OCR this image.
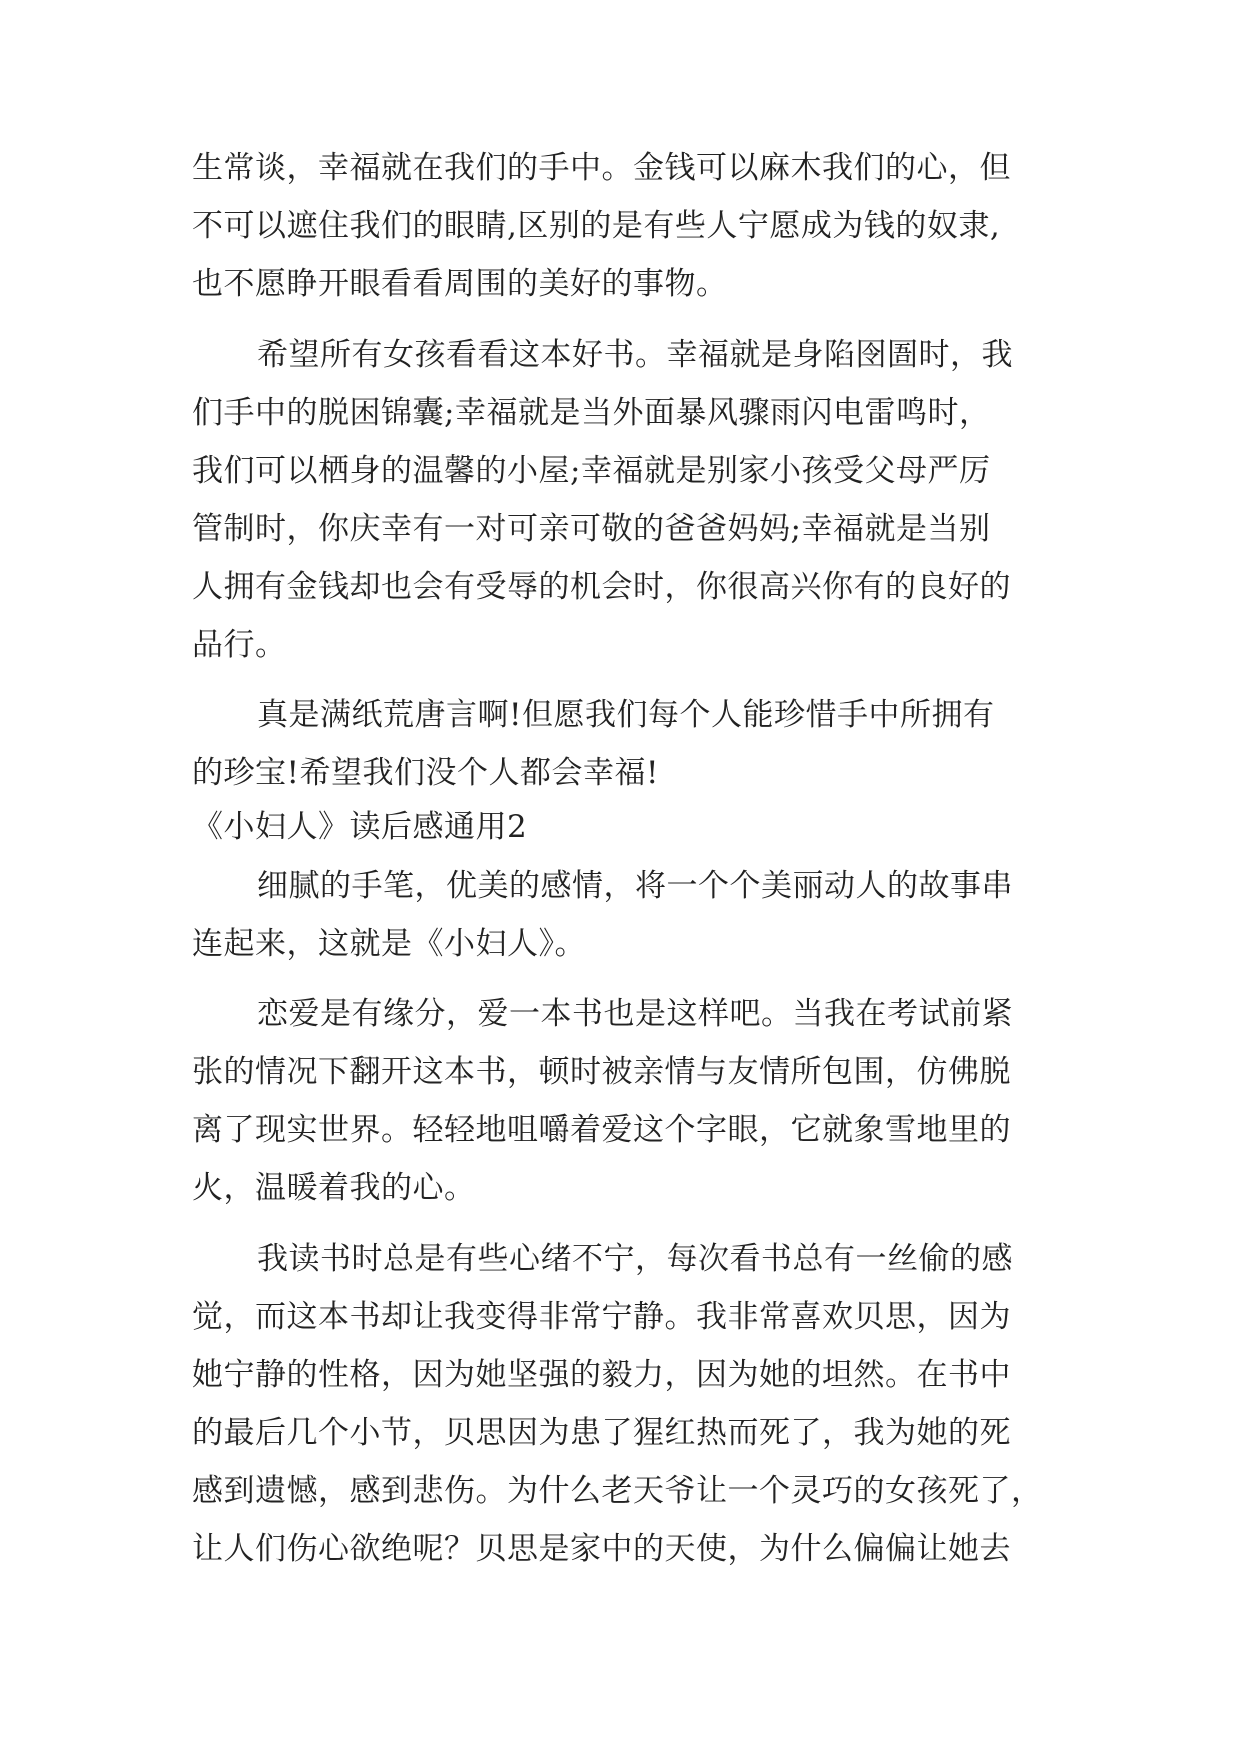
生常谈，幸福就在我们的手中。金钱可以麻木我们的心，但
不可以遮住我们的眼睛,区别的是有些人宁愿成为钱的奴隶,
也不愿睁开眼看看周围的美好的事物。
希望所有女孩看看这本好书。幸福就是身陷囹圄时，我
们手中的脱困锦囊;幸福就是当外面暴风骤雨闪电雷鸣时，
我们可以栖身的温馨的小屋;幸福就是别家小孩受父母严厉
管制时，你庆幸有一对可亲可敬的爸爸妈妈;幸福就是当别
人拥有金钱却也会有受辱的机会时，你很高兴你有的良好的
品行。
真是满纸荒唐言啊!但愿我们每个人能珍惜手中所拥有
的珍宝!希望我们没个人都会幸福!
《小妇人》读后感通用2
细腻的手笔，优美的感情，将一个个美丽动人的故事串
连起来，这就是《小妇人》。
恋爱是有缘分，爱一本书也是这样吧。当我在考试前紧
张的情况下翻开这本书，顿时被亲情与友情所包围，仿佛脱
离了现实世界。轻轻地咀嚼着爱这个字眼，它就象雪地里的
火，温暖着我的心。
我读书时总是有些心绪不宁，每次看书总有一丝偷的感
觉，而这本书却让我变得非常宁静。我非常喜欢贝思，因为
她宁静的性格，因为她坚强的毅力，因为她的坦然。在书中
的最后几个小节，贝思因为患了猩红热而死了，我为她的死
感到遗憾，感到悲伤。为什么老天爷让一个灵巧的女孩死了，
让人们伤心欲绝呢？贝思是家中的天使，为什么偏偏让她去
